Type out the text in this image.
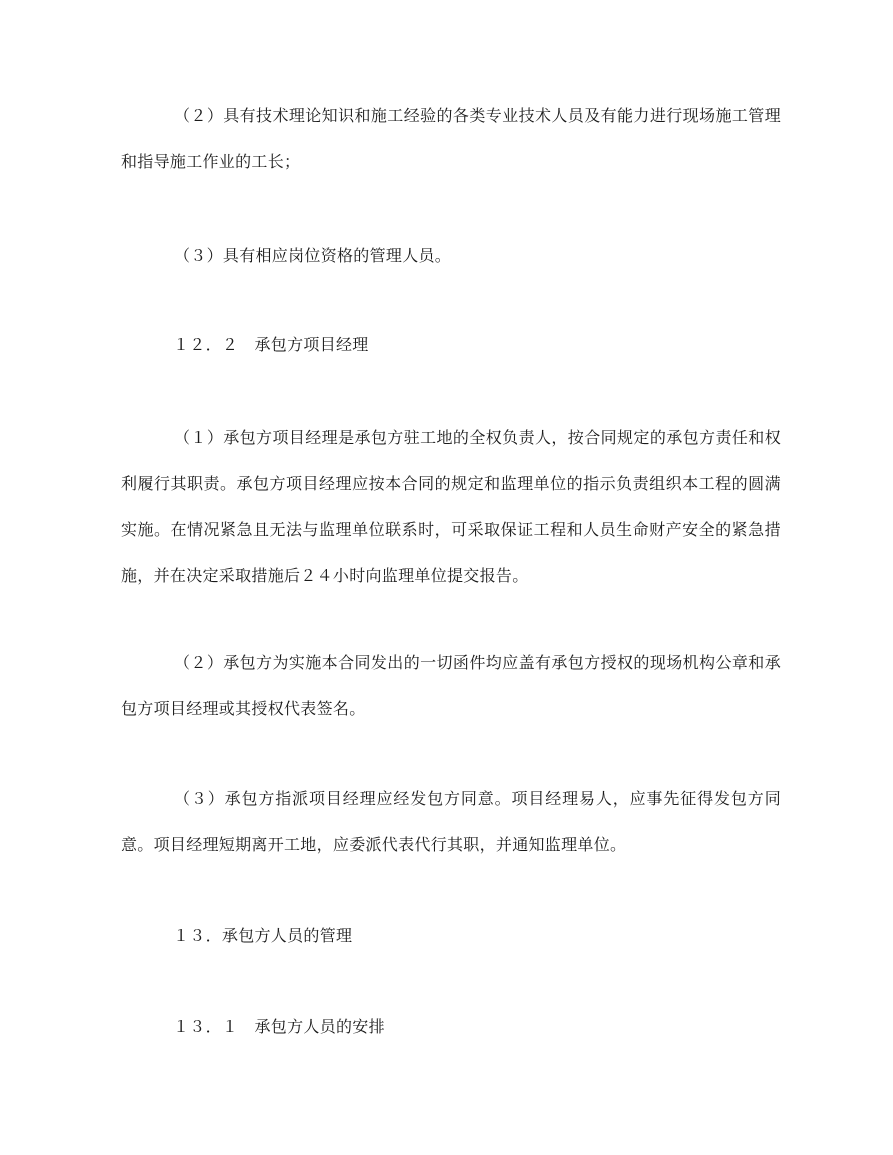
（２）具有技术理论知识和施工经验的各类专业技术人员及有能力进行现场施工管理和指导施工作业的工长；

（３）具有相应岗位资格的管理人员。

１２．２　承包方项目经理

（１）承包方项目经理是承包方驻工地的全权负责人，按合同规定的承包方责任和权利履行其职责。承包方项目经理应按本合同的规定和监理单位的指示负责组织本工程的圆满实施。在情况紧急且无法与监理单位联系时，可采取保证工程和人员生命财产安全的紧急措施，并在决定采取措施后２４小时向监理单位提交报告。

（２）承包方为实施本合同发出的一切函件均应盖有承包方授权的现场机构公章和承包方项目经理或其授权代表签名。

（３）承包方指派项目经理应经发包方同意。项目经理易人，应事先征得发包方同意。项目经理短期离开工地，应委派代表代行其职，并通知监理单位。

１３．承包方人员的管理

１３．１　承包方人员的安排
